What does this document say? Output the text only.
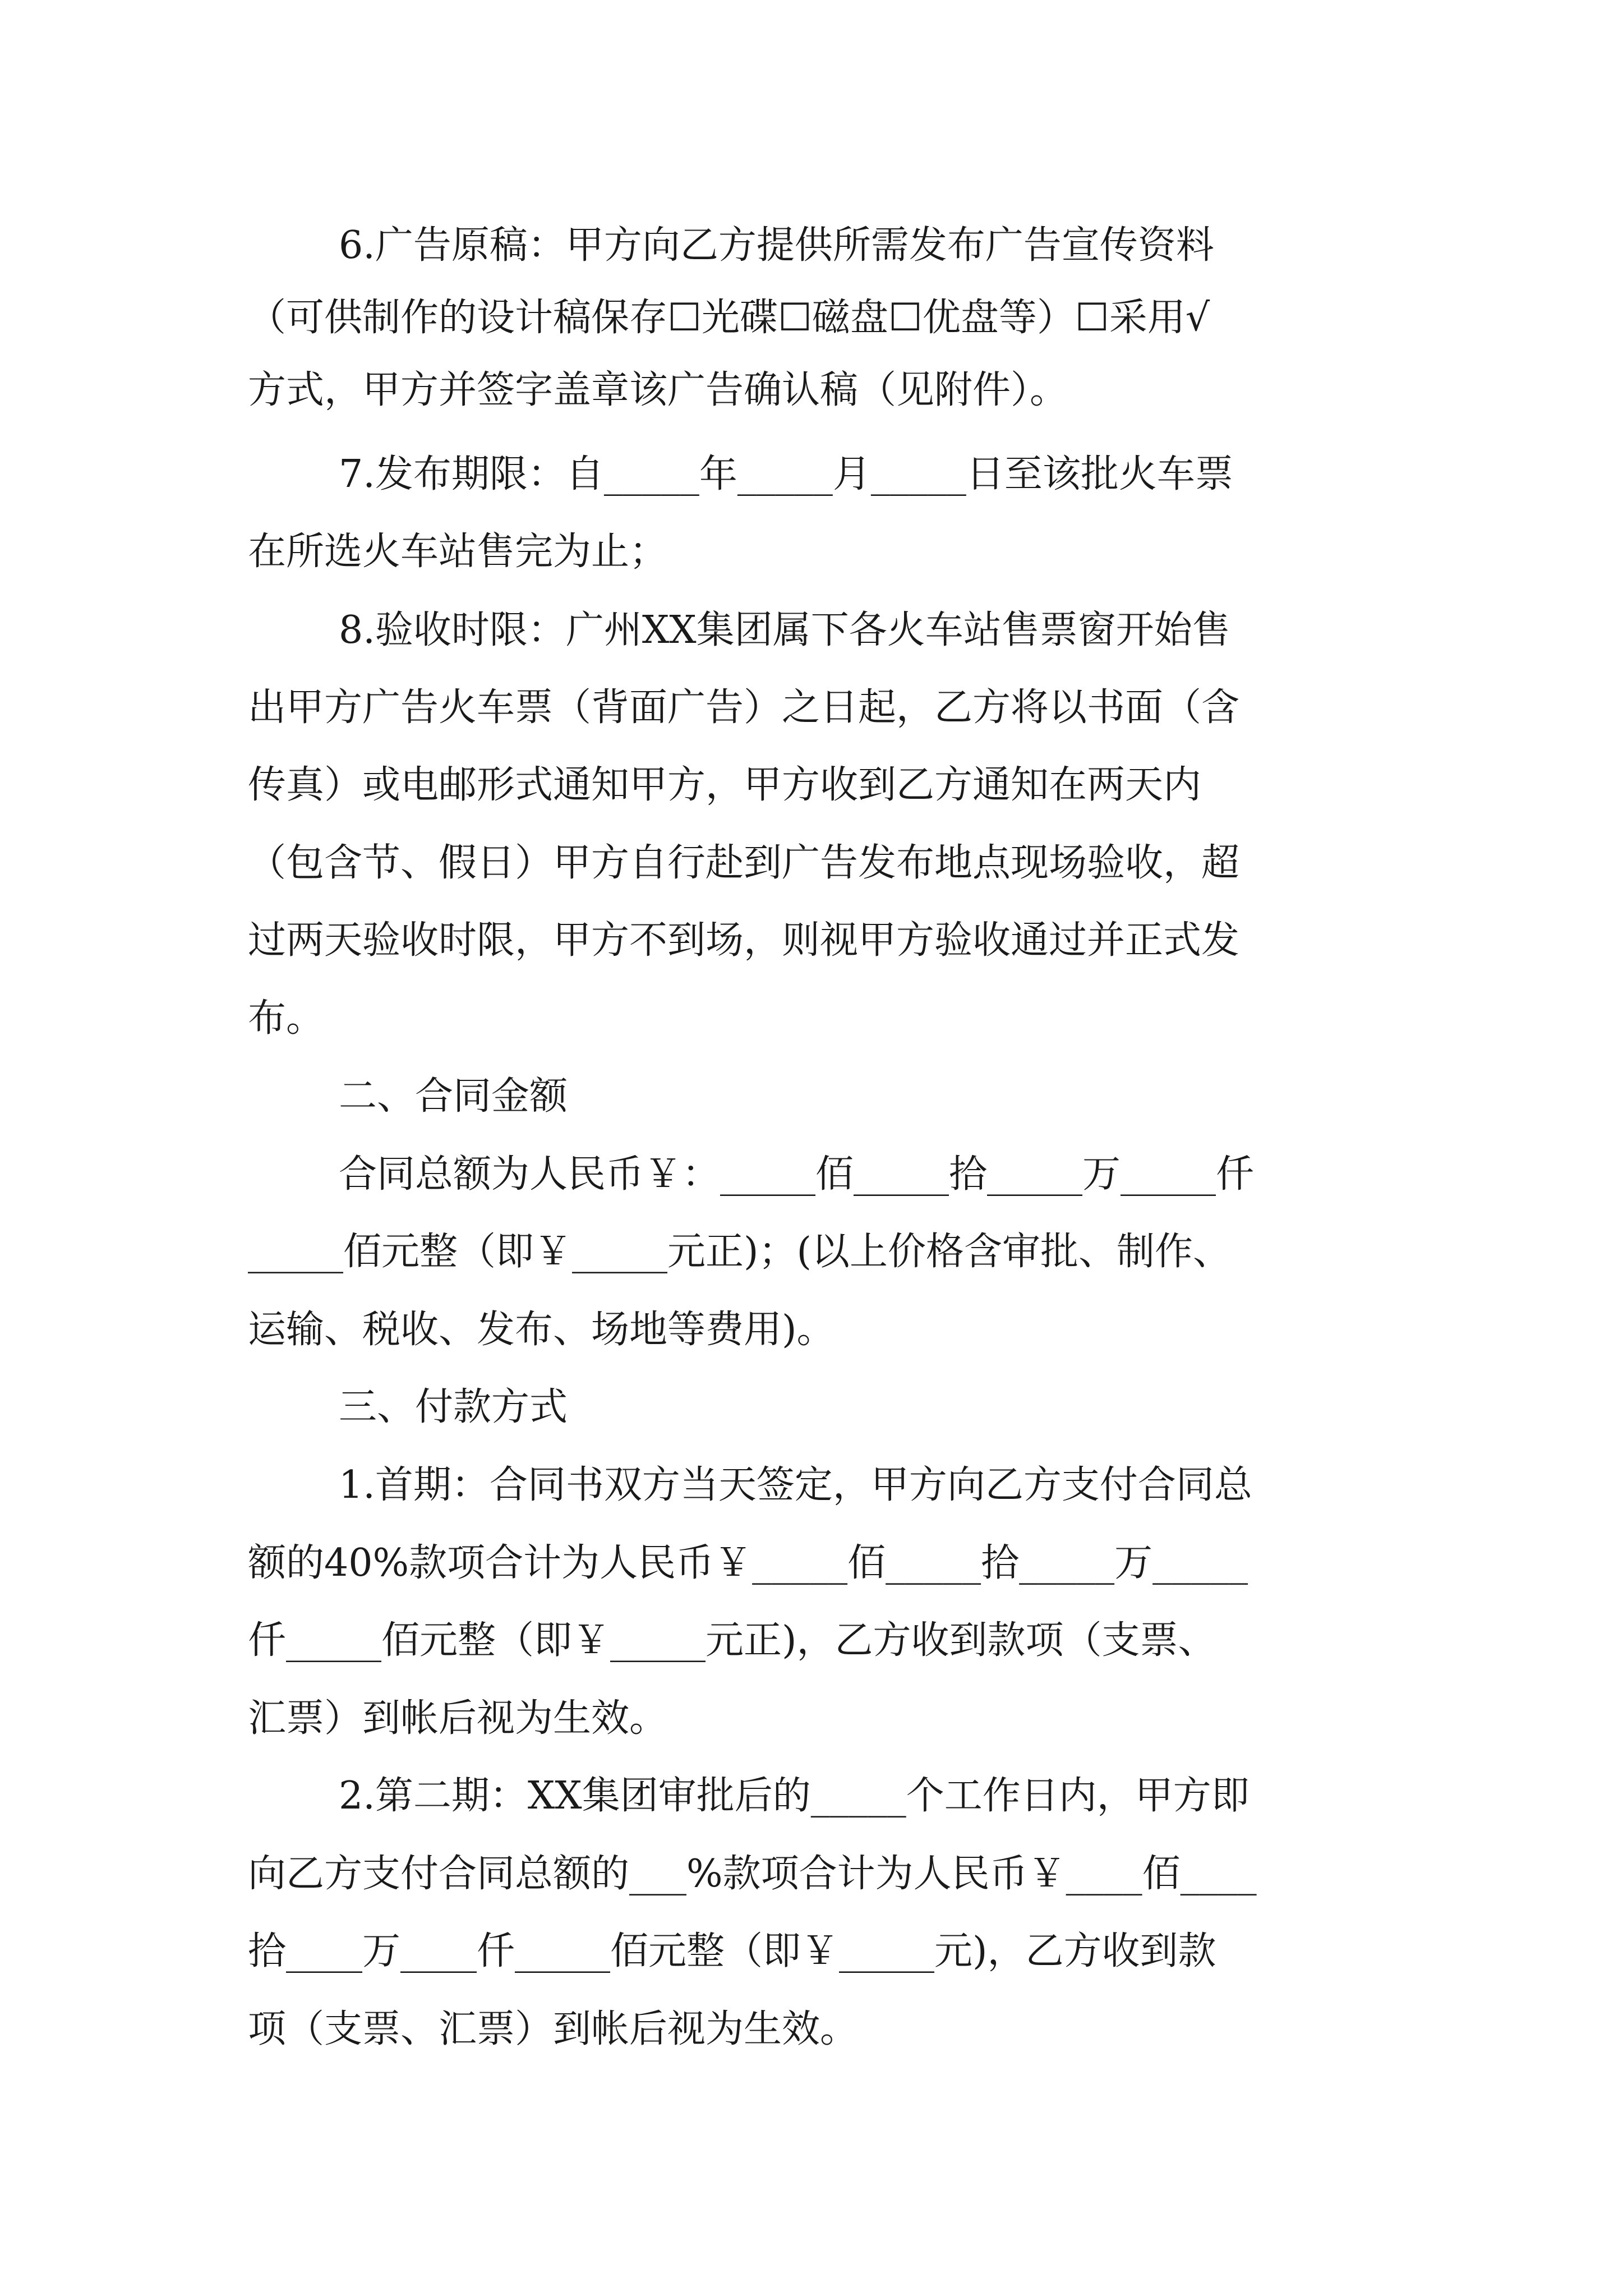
6.广告原稿：甲方向乙方提供所需发布广告宣传资料

（可供制作的设计稿保存☐光碟☐磁盘☐优盘等）☐采用√

方式，甲方并签字盖章该广告确认稿（见附件）。

7.发布期限：自_____年_____月_____日至该批火车票

在所选火车站售完为止；

8.验收时限：广州XX集团属下各火车站售票窗开始售

出甲方广告火车票（背面广告）之日起，乙方将以书面（含

传真）或电邮形式通知甲方，甲方收到乙方通知在两天内

（包含节、假日）甲方自行赴到广告发布地点现场验收，超

过两天验收时限，甲方不到场，则视甲方验收通过并正式发

布。

二、合同金额

合同总额为人民币￥：_____佰_____拾_____万_____仟

_____佰元整（即￥_____元正)；(以上价格含审批、制作、

运输、税收、发布、场地等费用)。

三、付款方式

1.首期：合同书双方当天签定，甲方向乙方支付合同总

额的40%款项合计为人民币￥_____佰_____拾_____万_____

仟_____佰元整（即￥_____元正)，乙方收到款项（支票、

汇票）到帐后视为生效。

2.第二期：XX集团审批后的_____个工作日内，甲方即

向乙方支付合同总额的___%款项合计为人民币￥____佰____

拾____万____仟_____佰元整（即￥_____元)，乙方收到款

项（支票、汇票）到帐后视为生效。
